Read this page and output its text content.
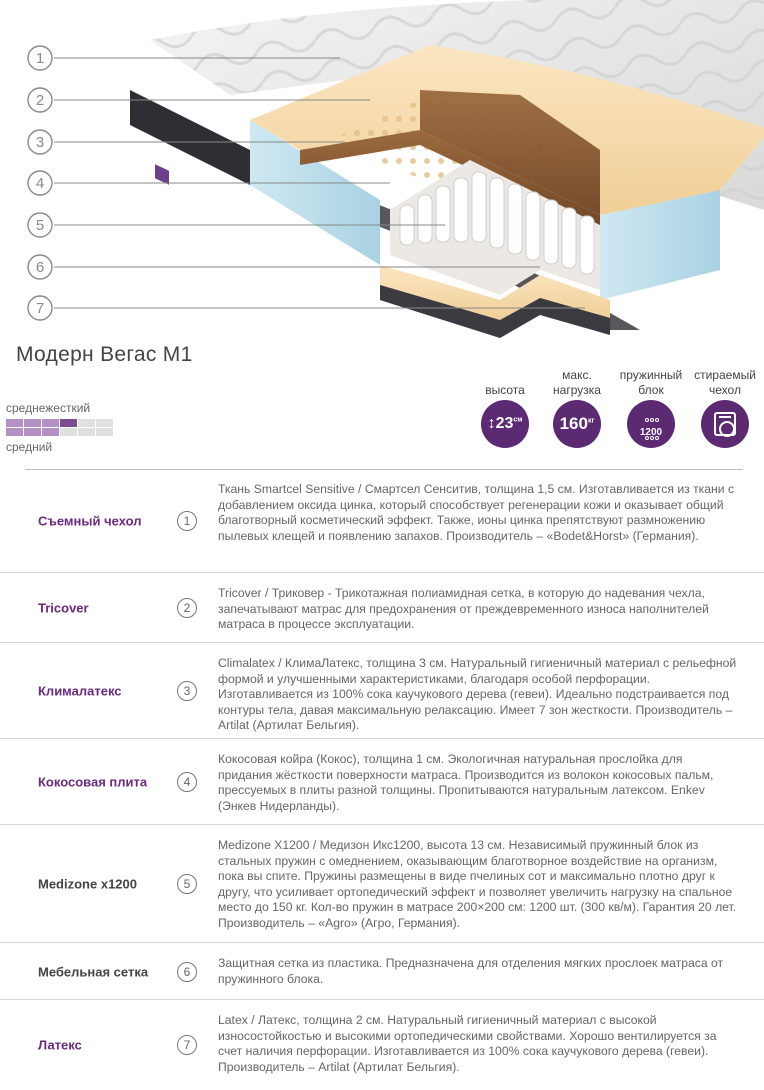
1
2
3
4
5
6
7
Модерн Вегас М1
среднежесткий
средний
высота
$↕23^{см}$
макс. нагрузка
$160^{кг}$
пружинный блок
1200
стираемый чехол
Съемный чехол	1
Ткань Smartcel Sensitive / Смартсел Сенситив, толщина 1,5 см. Изготавливается из ткани с добавлением оксида цинка, который способствует регенерации кожи и оказывает общий благотворный косметический эффект. Также, ионы цинка препятствуют размножению пылевых клещей и появлению запахов. Производитель – «Bodet&Horst» (Германия).
Tricover	2
Tricover / Триковер - Трикотажная полиамидная сетка, в которую до надевания чехла, запечатывают матрас для предохранения от преждевременного износа наполнителей матраса в процессе эксплуатации.
Клималатекс	3
Climalatex / КлимаЛатекс, толщина 3 см. Натуральный гигиеничный материал с рельефной формой и улучшенными характеристиками, благодаря особой перфорации. Изготавливается из 100% сока каучукового дерева (гевеи). Идеально подстраивается под контуры тела, давая максимальную релаксацию. Имеет 7 зон жесткости. Производитель – Artilat (Артилат Бельгия).
Кокосовая плита	4
Кокосовая койра (Кокос), толщина 1 см. Экологичная натуральная прослойка для придания жёсткости поверхности матраса. Производится из волокон кокосовых пальм, прессуемых в плиты разной толщины. Пропитываются натуральным латексом. Enkev (Энкев Нидерланды).
Medizone x1200	5
Medizone X1200 / Медизон Икс1200, высота 13 см. Независимый пружинный блок из стальных пружин с омеднением, оказывающим благотворное воздействие на организм, пока вы спите. Пружины размещены в виде пчелиных сот и максимально плотно друг к другу, что усиливает ортопедический эффект и позволяет увеличить нагрузку на спальное место до 150 кг. Кол-во пружин в матрасе 200×200 см: 1200 шт. (300 кв/м). Гарантия 20 лет. Производитель – «Agro» (Агро, Германия).
Мебельная сетка	6
Защитная сетка из пластика. Предназначена для отделения мягких прослоек матраса от пружинного блока.
Латекс	7
Latex / Латекс, толщина 2 см. Натуральный гигиеничный материал с высокой износостойкостью и высокими ортопедическими свойствами. Хорошо вентилируется за счет наличия перфорации. Изготавливается из 100% сока каучукового дерева (гевеи). Производитель – Artilat (Артилат Бельгия).
